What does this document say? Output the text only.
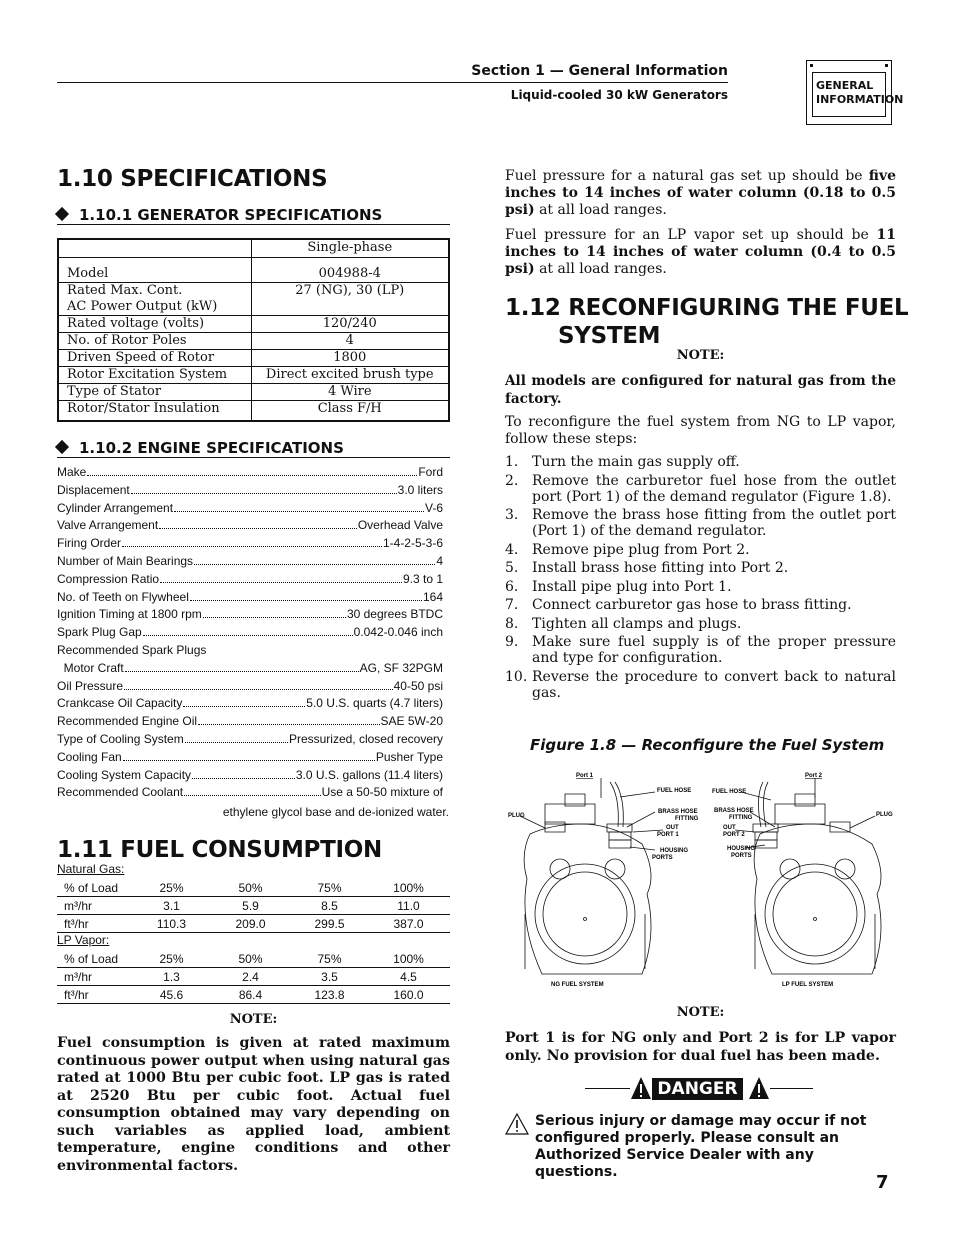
Section 1 — General Information
Liquid-cooled 30 kW Generators
GENERAL
INFORMATION
1.10 SPECIFICATIONS
1.10.1 GENERATOR SPECIFICATIONS
	Single-phase
Model	004988-4

Rated Max. Cont.
AC Power Output (kW)	27 (NG), 30 (LP)
Rated voltage (volts)	120/240
No. of Rotor Poles	4
Driven Speed of Rotor	1800
Rotor Excitation System	Direct excited brush type
Type of Stator	4 Wire
Rotor/Stator Insulation	Class F/H
1.10.2 ENGINE SPECIFICATIONS
Make	Ford
Displacement	3.0 liters
Cylinder Arrangement	V-6
Valve Arrangement	Overhead Valve
Firing Order	1-4-2-5-3-6
Number of Main Bearings	4
Compression Ratio	9.3 to 1
No. of Teeth on Flywheel	164
Ignition Timing at 1800 rpm	30 degrees BTDC
Spark Plug Gap	0.042-0.046 inch
Recommended Spark Plugs
Motor Craft	AG, SF 32PGM
Oil Pressure	40-50 psi
Crankcase Oil Capacity	5.0 U.S. quarts (4.7 liters)
Recommended Engine Oil	SAE 5W-20
Type of Cooling System	Pressurized, closed recovery
Cooling Fan	Pusher Type
Cooling System Capacity	3.0 U.S. gallons (11.4 liters)
Recommended Coolant	Use a 50-50 mixture of
ethylene glycol base and de-ionized water.
1.11 FUEL CONSUMPTION
Natural Gas:
% of Load	25%	50%	75%	100%
m³/hr	3.1	5.9	8.5	11.0
ft³/hr	110.3	209.0	299.5	387.0
LP Vapor:
% of Load	25%	50%	75%	100%
m³/hr	1.3	2.4	3.5	4.5
ft³/hr	45.6	86.4	123.8	160.0
NOTE:
Fuel consumption is given at rated maximum continuous power output when using natural gas rated at 1000 Btu per cubic foot. LP gas is rated at 2520 Btu per cubic foot. Actual fuel consumption obtained may vary depending on such variables as applied load, ambient temperature, engine conditions and other environmental factors.
Fuel pressure for a natural gas set up should be five inches to 14 inches of water column (0.18 to 0.5 psi) at all load ranges.
Fuel pressure for an LP vapor set up should be 11 inches to 14 inches of water column (0.4 to 0.5 psi) at all load ranges.
1.12 RECONFIGURING THE FUEL
SYSTEM
NOTE:
All models are configured for natural gas from the factory.
To reconfigure the fuel system from NG to LP vapor, follow these steps:
1. Turn the main gas supply off.
2. Remove the carburetor fuel hose from the outlet port (Port 1) of the demand regulator (Figure 1.8).
3. Remove the brass hose fitting from the outlet port (Port 1) of the demand regulator.
4. Remove pipe plug from Port 2.
5. Install brass hose fitting into Port 2.
6. Install pipe plug into Port 1.
7. Connect carburetor gas hose to brass fitting.
8. Tighten all clamps and plugs.
9. Make sure fuel supply is of the proper pressure and type for configuration.
10. Reverse the procedure to convert back to natural gas.
Figure 1.8 — Reconfigure the Fuel System
Port 1	Port 2
FUEL HOSE
BRASS HOSE
FITTING
OUT
PORT 1
HOUSING
PORTS
PLUG
FUEL HOSE
BRASS HOSE
FITTING
OUT
PORT 2
HOUSING
PORTS
PLUG
NG FUEL SYSTEM	LP FUEL SYSTEM
NOTE:
Port 1 is for NG only and Port 2 is for LP vapor only. No provision for dual fuel has been made.
DANGER
Serious injury or damage may occur if not configured properly. Please consult an Authorized Service Dealer with any questions.	7
